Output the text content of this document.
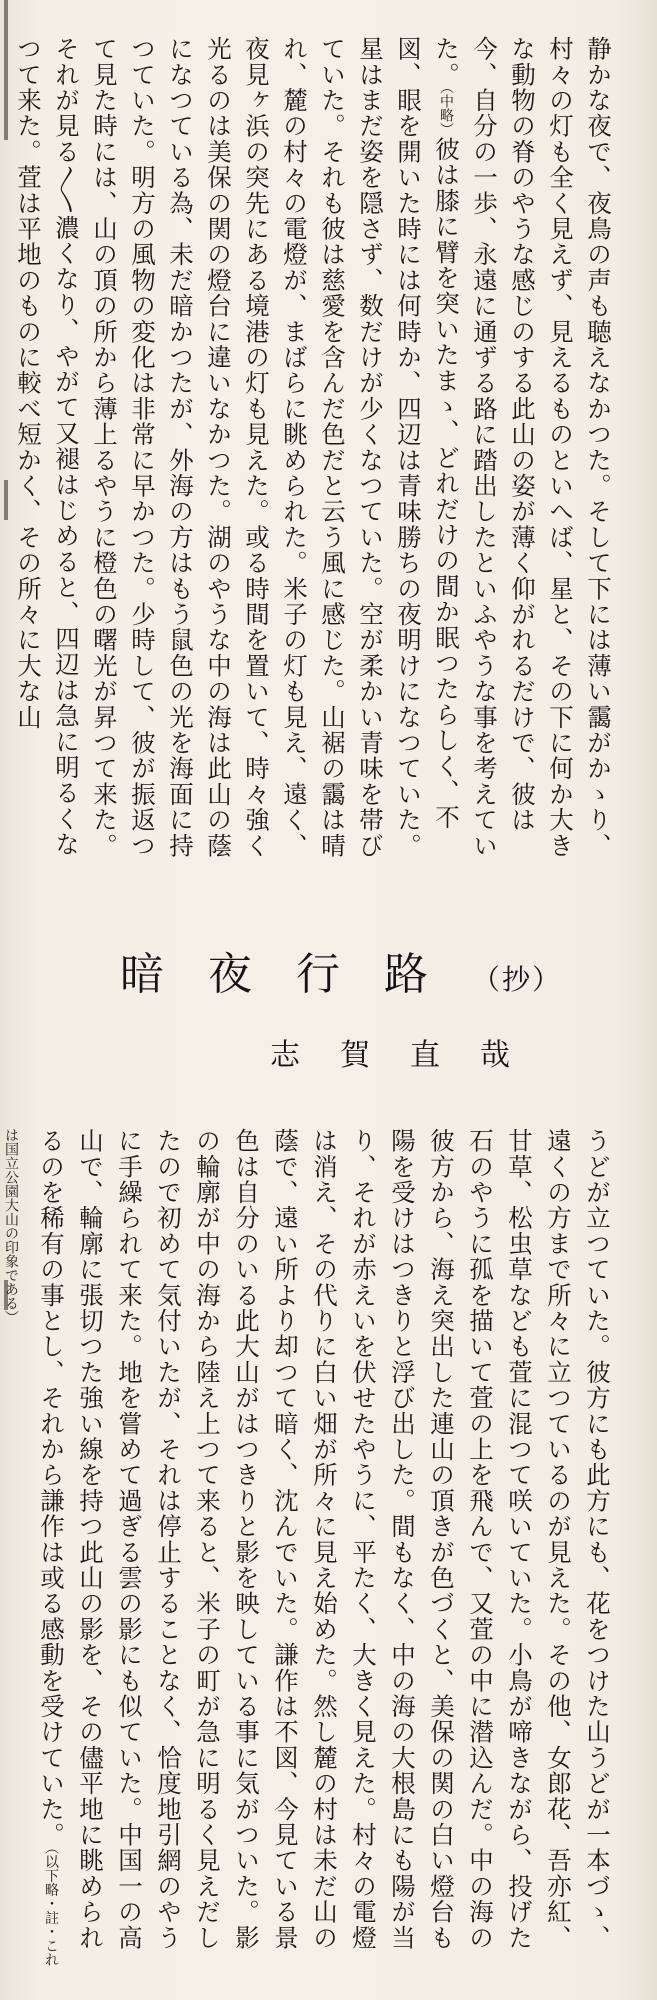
静かな夜で、夜鳥の声も聴えなかつた。そして下には薄い靄がかゝり、村々の灯も全く見えず、見えるものといへば、星と、その下に何か大きな動物の脊のやうな感じのする此山の姿が薄く仰がれるだけで、彼は今、自分の一歩、永遠に通ずる路に踏出したといふやうな事を考えていた。（中略）彼は膝に臂を突いたまゝ、どれだけの間か眠つたらしく、不図、眼を開いた時には何時か、四辺は青味勝ちの夜明けになつていた。星はまだ姿を隠さず、数だけが少くなつていた。空が柔かい青味を帯びていた。それも彼は慈愛を含んだ色だと云う風に感じた。山裾の靄は晴れ、麓の村々の電燈が、まばらに眺められた。米子の灯も見え、遠く、夜見ヶ浜の突先にある境港の灯も見えた。或る時間を置いて、時々強く光るのは美保の関の燈台に違いなかつた。湖のやうな中の海は此山の蔭になつている為、未だ暗かつたが、外海の方はもう鼠色の光を海面に持つていた。明方の風物の変化は非常に早かつた。少時して、彼が振返つて見た時には、山の頂の所から薄上るやうに橙色の曙光が昇つて来た。それが見る〳〵濃くなり、やがて又褪はじめると、四辺は急に明るくなつて来た。萓は平地のものに較べ短かく、その所々に大な山
暗夜行路（抄）
志賀直哉
うどが立つていた。彼方にも此方にも、花をつけた山うどが一本づゝ、遠くの方まで所々に立つているのが見えた。その他、女郎花、吾亦紅、甘草、松虫草なども萓に混つて咲いていた。小鳥が啼きながら、投げた石のやうに孤を描いて萓の上を飛んで、又萓の中に潜込んだ。中の海の彼方から、海え突出した連山の頂きが色づくと、美保の関の白い燈台も陽を受けはつきりと浮び出した。間もなく、中の海の大根島にも陽が当り、それが赤えいを伏せたやうに、平たく、大きく見えた。村々の電燈は消え、その代りに白い畑が所々に見え始めた。然し麓の村は未だ山の蔭で、遠い所より却つて暗く、沈んでいた。謙作は不図、今見ている景色は自分のいる此大山がはつきりと影を映している事に気がついた。影の輪廓が中の海から陸え上つて来ると、米子の町が急に明るく見えだしたので初めて気付いたが、それは停止することなく、恰度地引網のやうに手繰られて来た。地を嘗めて過ぎる雲の影にも似ていた。中国一の高山で、輪廓に張切つた強い線を持つ此山の影を、その儘平地に眺められるのを稀有の事とし、それから謙作は或る感動を受けていた。（以下略・註・これは国立公園大山の印象である）
